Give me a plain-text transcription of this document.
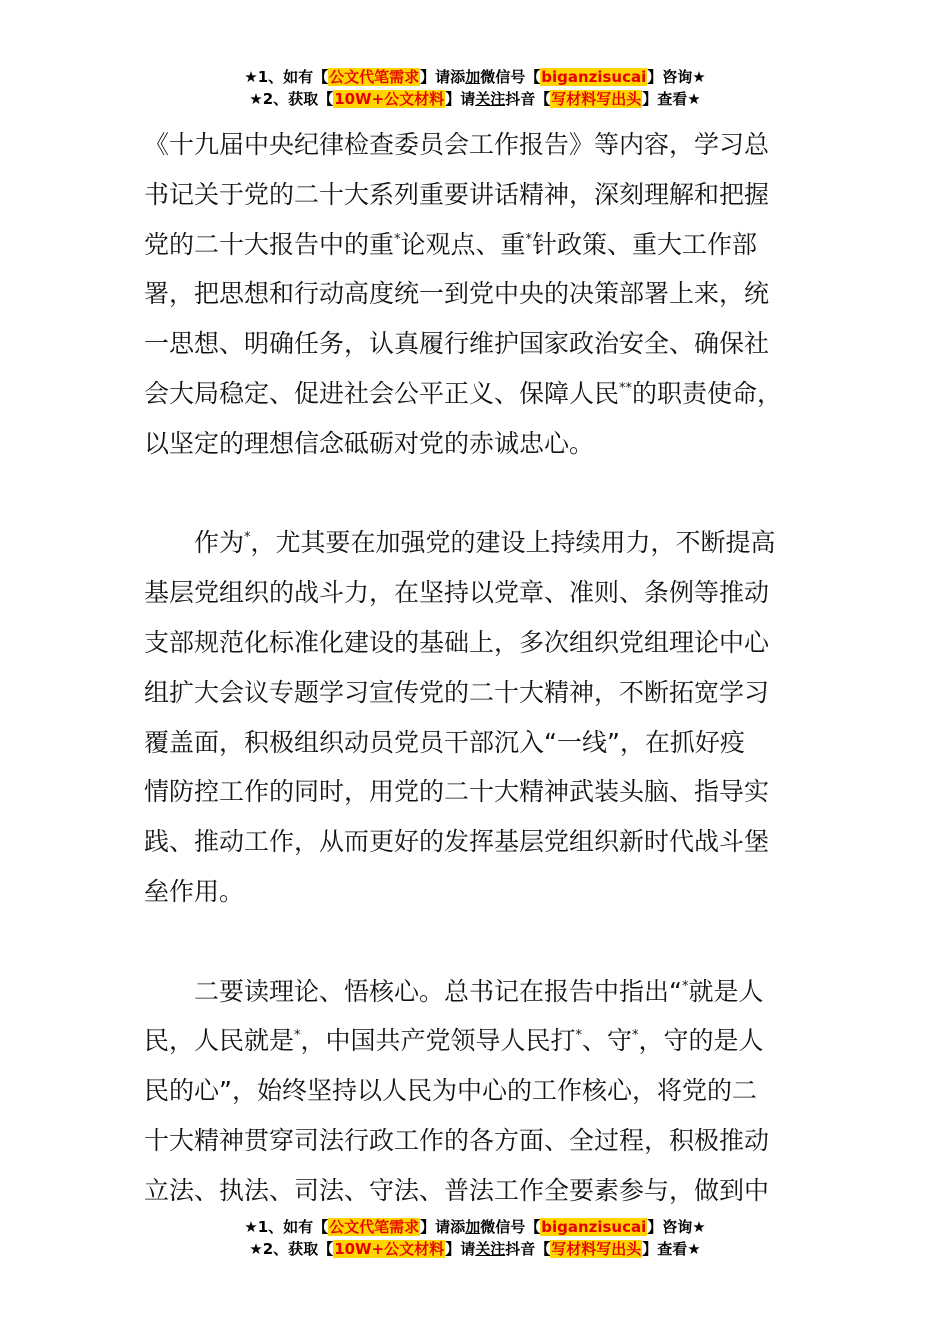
★1、如有【公文代笔需求】请添加微信号【biganzisucai】咨询★
★2、获取【10W+公文材料】请关注抖音【写材料写出头】查看★
《十九届中央纪律检查委员会工作报告》等内容，学习总
书记关于党的二十大系列重要讲话精神，深刻理解和把握
党的二十大报告中的重*论观点、重*针政策、重大工作部
署，把思想和行动高度统一到党中央的决策部署上来，统
一思想、明确任务，认真履行维护国家政治安全、确保社
会大局稳定、促进社会公平正义、保障人民**的职责使命，
以坚定的理想信念砥砺对党的赤诚忠心。
作为*，尤其要在加强党的建设上持续用力，不断提高
基层党组织的战斗力，在坚持以党章、准则、条例等推动
支部规范化标准化建设的基础上，多次组织党组理论中心
组扩大会议专题学习宣传党的二十大精神，不断拓宽学习
覆盖面，积极组织动员党员干部沉入“一线”，在抓好疫
情防控工作的同时，用党的二十大精神武装头脑、指导实
践、推动工作，从而更好的发挥基层党组织新时代战斗堡
垒作用。
二要读理论、悟核心。总书记在报告中指出“*就是人
民，人民就是*，中国共产党领导人民打*、守*，守的是人
民的心”，始终坚持以人民为中心的工作核心，将党的二
十大精神贯穿司法行政工作的各方面、全过程，积极推动
立法、执法、司法、守法、普法工作全要素参与，做到中
★1、如有【公文代笔需求】请添加微信号【biganzisucai】咨询★
★2、获取【10W+公文材料】请关注抖音【写材料写出头】查看★
